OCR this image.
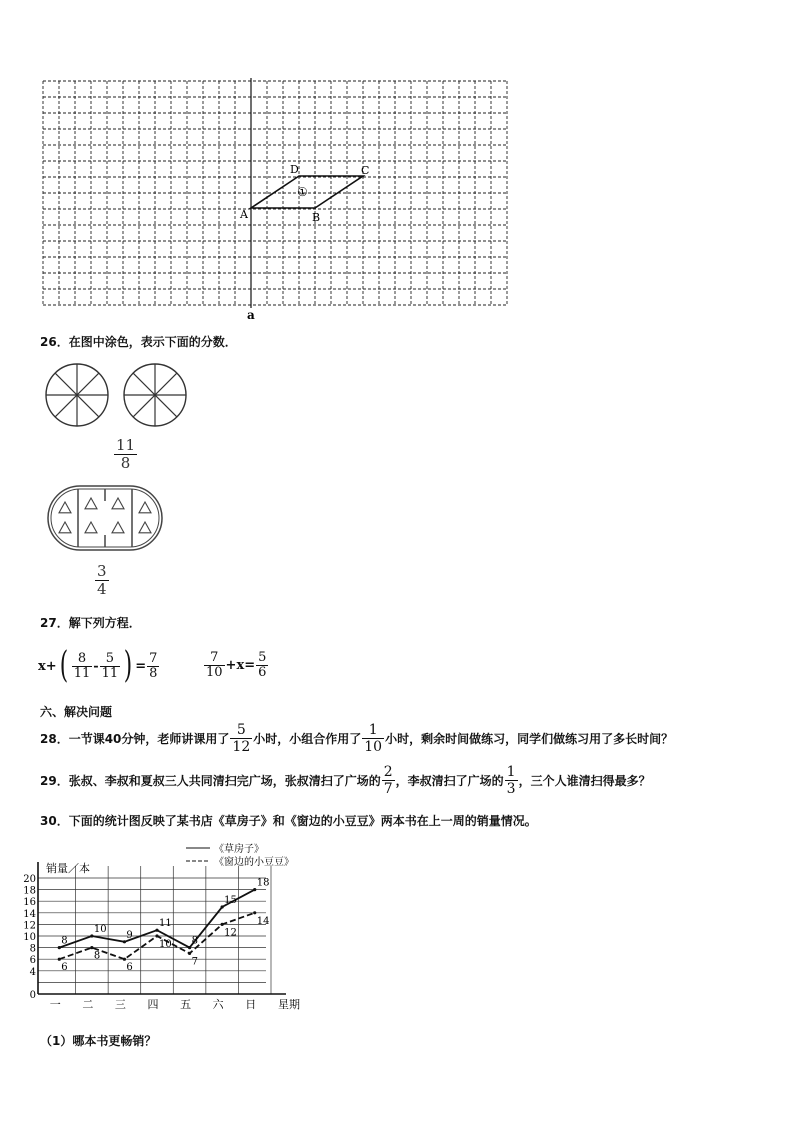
A	B
C
D
①
a
26．在图中涂色，表示下面的分数．
$\frac{11}{8}$
$\frac{3}{4}$
27．解下列方程．
x+ ( $\frac{8}{11} - \frac{5}{11}$ ) = $\frac{7}{8}$	$\frac{7}{10} +x= \frac{5}{6}$
六、解决问题
28．一节课40分钟，老师讲课用了 $\frac{5}{12}$ 小时，小组合作用了 $\frac{1}{10}$ 小时，剩余时间做练习，同学们做练习用了多长时间？
29．张叔、李叔和夏叔三人共同清扫完广场，张叔清扫了广场的 $\frac{2}{7}$ ，李叔清扫了广场的 $\frac{1}{3}$ ，三个人谁清扫得最多？
30．下面的统计图反映了某书店《草房子》和《窗边的小豆豆》两本书在上一周的销量情况。
0
4
6
8
10
12
14
16
18
20
一 二 三 四 五 六 日
8
10
9
11
8
15
18
6
8
6
10
7
12
14
《草房子》
《窗边的小豆豆》
销量／本
星期
（1）哪本书更畅销？
